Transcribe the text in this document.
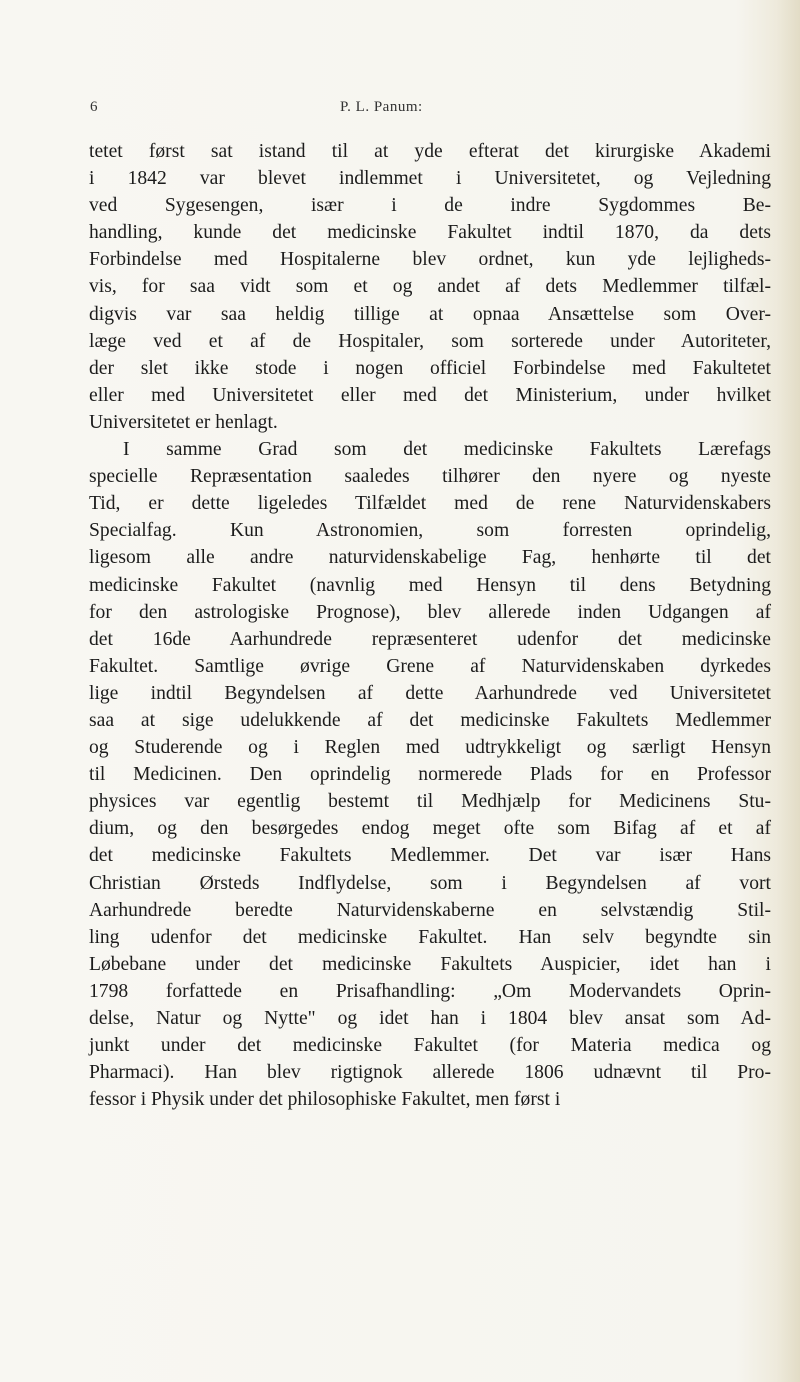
6	P. L. Panum:
tetet først sat istand til at yde efterat det kirurgiske Akademi
i 1842 var blevet indlemmet i Universitetet, og Vejledning
ved Sygesengen, især i de indre Sygdommes Be-
handling, kunde det medicinske Fakultet indtil 1870, da dets
Forbindelse med Hospitalerne blev ordnet, kun yde lejligheds-
vis, for saa vidt som et og andet af dets Medlemmer tilfæl-
digvis var saa heldig tillige at opnaa Ansættelse som Over-
læge ved et af de Hospitaler, som sorterede under Autoriteter,
der slet ikke stode i nogen officiel Forbindelse med Fakultetet
eller med Universitetet eller med det Ministerium, under hvilket
Universitetet er henlagt.
I samme Grad som det medicinske Fakultets Lærefags
specielle Repræsentation saaledes tilhører den nyere og nyeste
Tid, er dette ligeledes Tilfældet med de rene Naturvidenskabers
Specialfag. Kun Astronomien, som forresten oprindelig,
ligesom alle andre naturvidenskabelige Fag, henhørte til det
medicinske Fakultet (navnlig med Hensyn til dens Betydning
for den astrologiske Prognose), blev allerede inden Udgangen af
det 16de Aarhundrede repræsenteret udenfor det medicinske
Fakultet. Samtlige øvrige Grene af Naturvidenskaben dyrkedes
lige indtil Begyndelsen af dette Aarhundrede ved Universitetet
saa at sige udelukkende af det medicinske Fakultets Medlemmer
og Studerende og i Reglen med udtrykkeligt og særligt Hensyn
til Medicinen. Den oprindelig normerede Plads for en Professor
physices var egentlig bestemt til Medhjælp for Medicinens Stu-
dium, og den besørgedes endog meget ofte som Bifag af et af
det medicinske Fakultets Medlemmer. Det var især Hans
Christian Ørsteds Indflydelse, som i Begyndelsen af vort
Aarhundrede beredte Naturvidenskaberne en selvstændig Stil-
ling udenfor det medicinske Fakultet. Han selv begyndte sin
Løbebane under det medicinske Fakultets Auspicier, idet han i
1798 forfattede en Prisafhandling: „Om Modervandets Oprin-
delse, Natur og Nytte" og idet han i 1804 blev ansat som Ad-
junkt under det medicinske Fakultet (for Materia medica og
Pharmaci). Han blev rigtignok allerede 1806 udnævnt til Pro-
fessor i Physik under det philosophiske Fakultet, men først i
